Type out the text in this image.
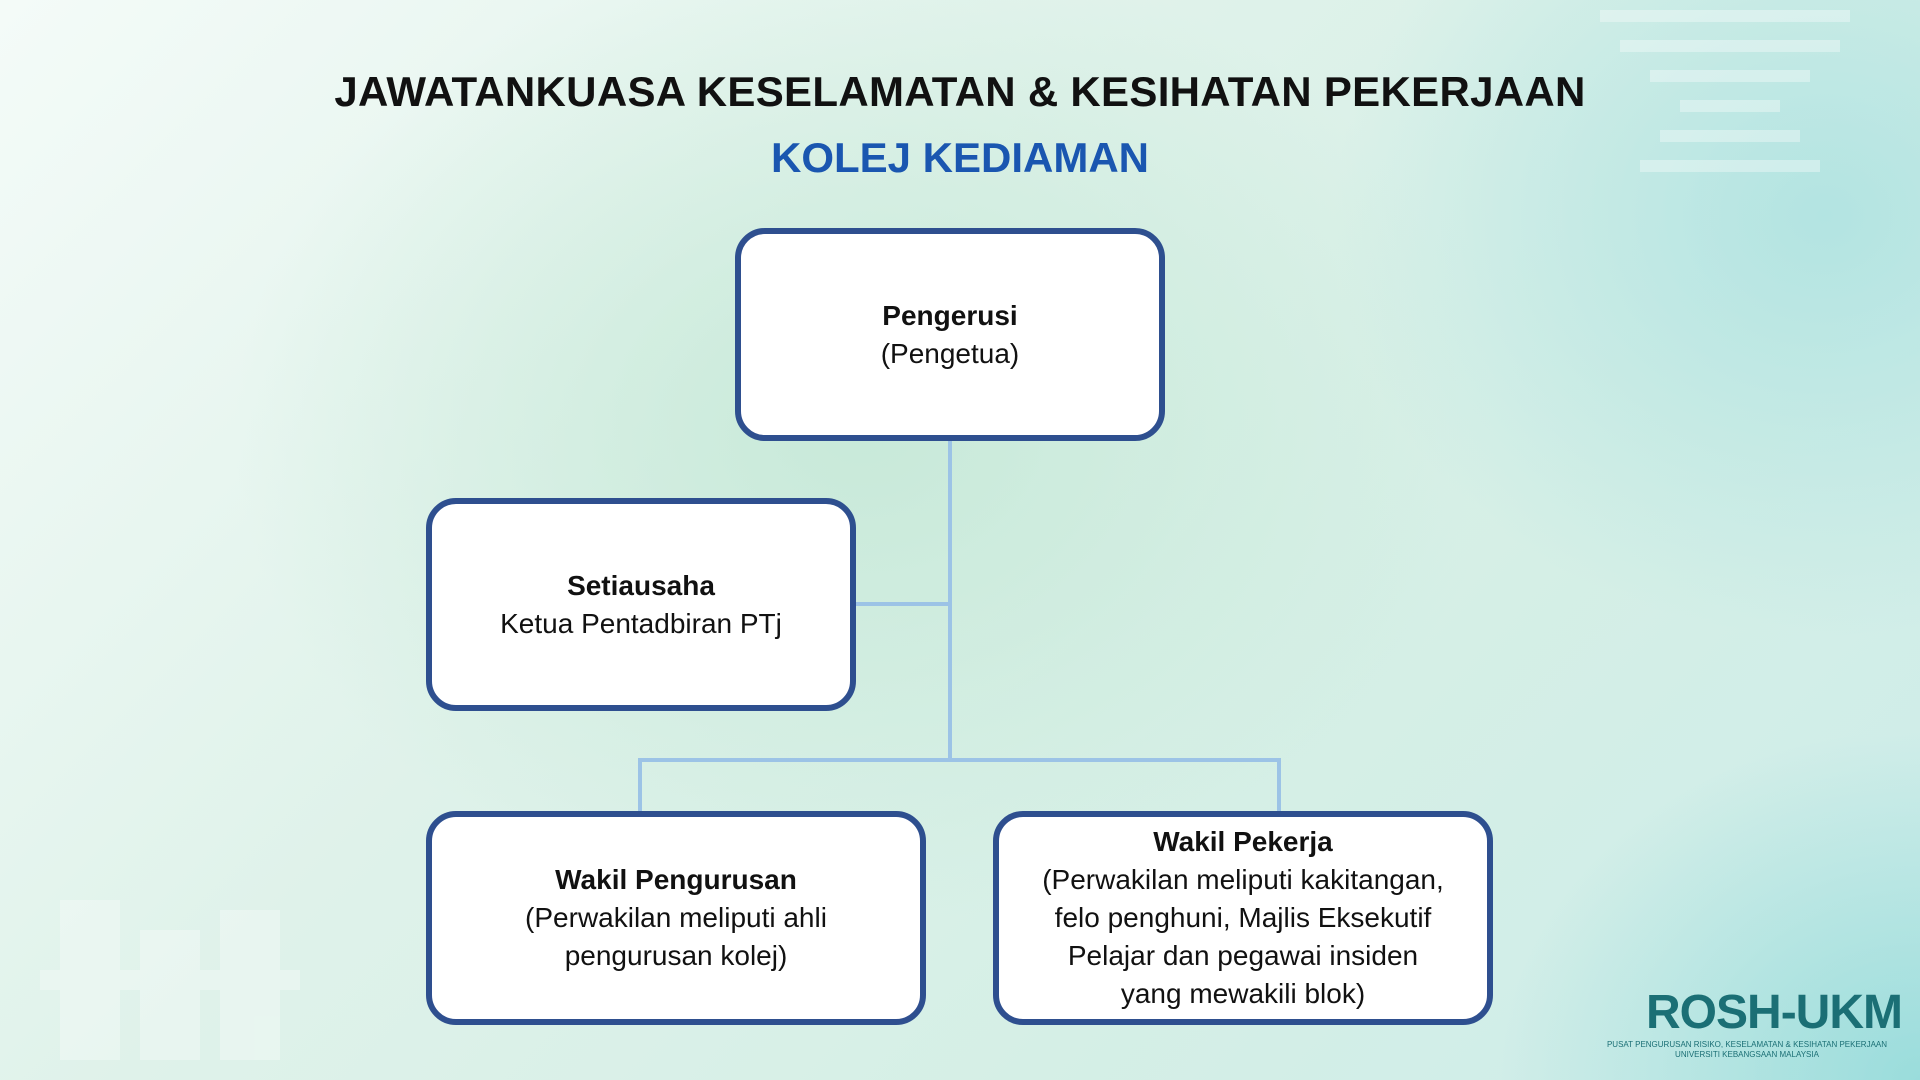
JAWATANKUASA KESELAMATAN & KESIHATAN PEKERJAAN
KOLEJ KEDIAMAN
Pengerusi
(Pengetua)
Setiausaha
Ketua Pentadbiran PTj
Wakil Pengurusan
(Perwakilan meliputi ahli pengurusan kolej)
Wakil Pekerja
(Perwakilan meliputi kakitangan, felo penghuni, Majlis Eksekutif Pelajar dan pegawai insiden yang mewakili blok)	ROSH-UKM
PUSAT PENGURUSAN RISIKO, KESELAMATAN & KESIHATAN PEKERJAAN
UNIVERSITI KEBANGSAAN MALAYSIA
